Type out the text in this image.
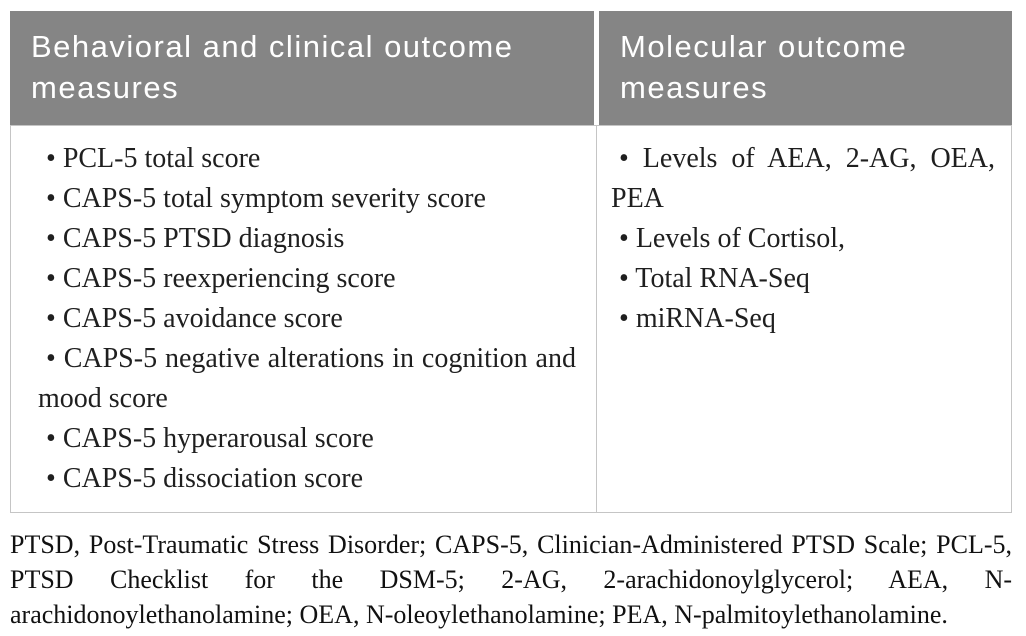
Behavioral and clinical outcome measures
Molecular outcome measures
• PCL-5 total score
• CAPS-5 total symptom severity score
• CAPS-5 PTSD diagnosis
• CAPS-5 reexperiencing score
• CAPS-5 avoidance score
• CAPS-5 negative alterations in cognition and mood score
• CAPS-5 hyperarousal score
• CAPS-5 dissociation score
• Levels of AEA, 2-AG, OEA, PEA
• Levels of Cortisol,
• Total RNA-Seq
• miRNA-Seq
PTSD, Post-Traumatic Stress Disorder; CAPS-5, Clinician-Administered PTSD Scale; PCL-5, PTSD Checklist for the DSM-5; 2-AG, 2-arachidonoylglycerol; AEA, N-arachidonoylethanolamine; OEA, N-oleoylethanolamine; PEA, N-palmitoylethanolamine.
